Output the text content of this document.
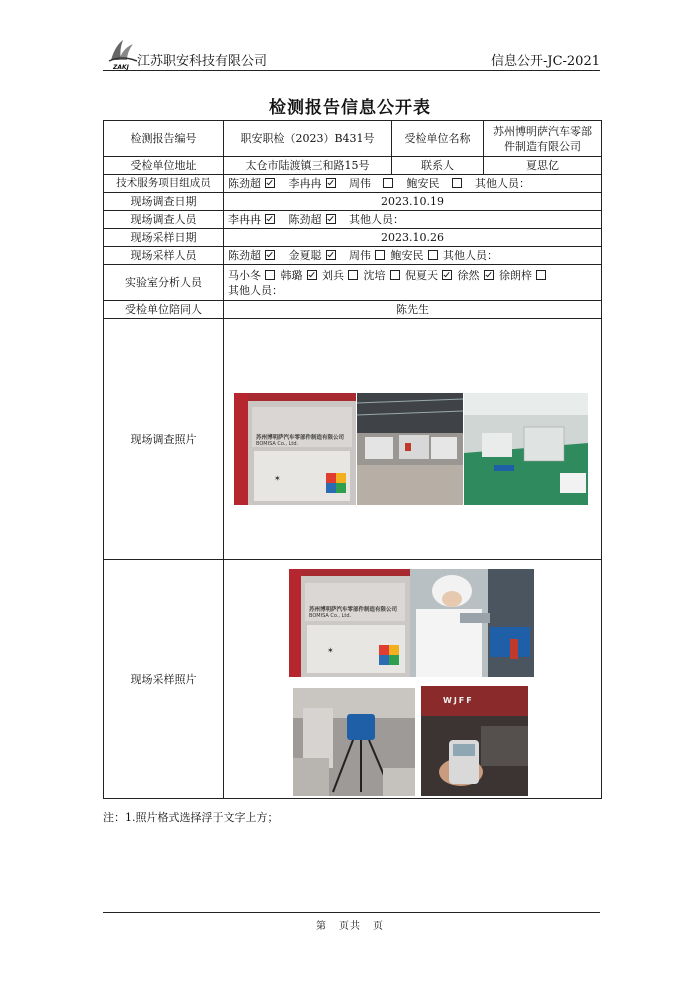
ZAKJ 江苏职安科技有限公司	信息公开-JC-2021
检测报告信息公开表
检测报告编号	职安职检（2023）B431号	受检单位名称	苏州博明萨汽车零部件制造有限公司
受检单位地址	太仓市陆渡镇三和路15号	联系人	夏思亿
技术服务项目组成员	陈劲超 李冉冉 周伟 鲍安民 其他人员：		
现场调查日期	2023.10.19		
现场调查人员	李冉冉 陈劲超 其他人员：		
现场采样日期	2023.10.26		
现场采样人员	陈劲超 金夏聪 周伟 鲍安民 其他人员：		
实验室分析人员	马小冬 韩璐 刘兵 沈培 倪夏天 徐然 徐朗梓
其他人员：		
受检单位陪同人	陈先生		
现场调查照片			
现场采样照片			
✶
苏州博明萨汽车零部件制造有限公司
BOMISA Co., Ltd.
✶
苏州博明萨汽车零部件制造有限公司
BOMISA Co., Ltd.
WJFF
注：1.照片格式选择浮于文字上方；
第 页共 页
